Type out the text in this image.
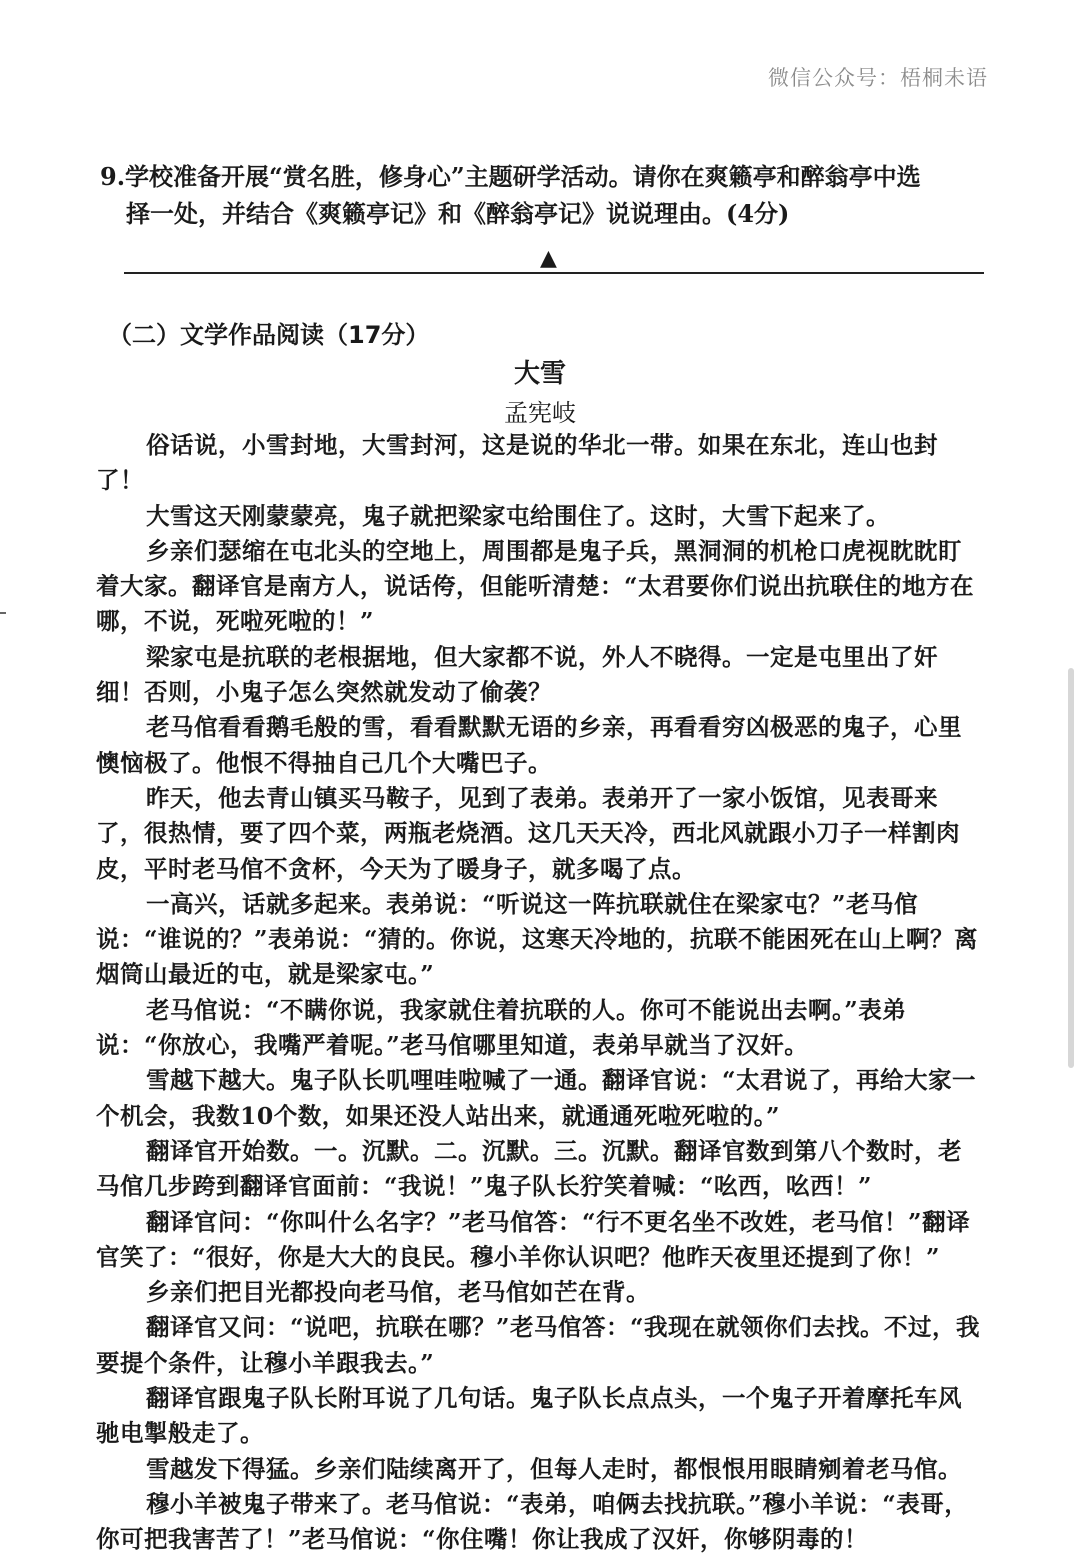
微信公众号：梧桐未语
9.学校准备开展“赏名胜，修身心”主题研学活动。请你在爽籁亭和醉翁亭中选
择一处，并结合《爽籁亭记》和《醉翁亭记》说说理由。(4分)
▲
（二）文学作品阅读（17分）
大雪
孟宪岐

俗话说，小雪封地，大雪封河，这是说的华北一带。如果在东北，连山也封了！

大雪这天刚蒙蒙亮，鬼子就把梁家屯给围住了。这时，大雪下起来了。

乡亲们瑟缩在屯北头的空地上，周围都是鬼子兵，黑洞洞的机枪口虎视眈眈盯着大家。翻译官是南方人，说话侉，但能听清楚：“太君要你们说出抗联住的地方在哪，不说，死啦死啦的！”

梁家屯是抗联的老根据地，但大家都不说，外人不晓得。一定是屯里出了奸细！否则，小鬼子怎么突然就发动了偷袭？

老马倌看看鹅毛般的雪，看看默默无语的乡亲，再看看穷凶极恶的鬼子，心里懊恼极了。他恨不得抽自己几个大嘴巴子。

昨天，他去青山镇买马鞍子，见到了表弟。表弟开了一家小饭馆，见表哥来了，很热情，要了四个菜，两瓶老烧酒。这几天天冷，西北风就跟小刀子一样割肉皮，平时老马倌不贪杯，今天为了暖身子，就多喝了点。

一高兴，话就多起来。表弟说：“听说这一阵抗联就住在梁家屯？”老马倌说：“谁说的？”表弟说：“猜的。你说，这寒天冷地的，抗联不能困死在山上啊？离烟筒山最近的屯，就是梁家屯。”

老马倌说：“不瞒你说，我家就住着抗联的人。你可不能说出去啊。”表弟说：“你放心，我嘴严着呢。”老马倌哪里知道，表弟早就当了汉奸。

雪越下越大。鬼子队长叽哩哇啦喊了一通。翻译官说：“太君说了，再给大家一个机会，我数10个数，如果还没人站出来，就通通死啦死啦的。”

翻译官开始数。一。沉默。二。沉默。三。沉默。翻译官数到第八个数时，老马倌几步跨到翻译官面前：“我说！”鬼子队长狞笑着喊：“吆西，吆西！”

翻译官问：“你叫什么名字？”老马倌答：“行不更名坐不改姓，老马倌！”翻译官笑了：“很好，你是大大的良民。穆小羊你认识吧？他昨天夜里还提到了你！”

乡亲们把目光都投向老马倌，老马倌如芒在背。

翻译官又问：“说吧，抗联在哪？”老马倌答：“我现在就领你们去找。不过，我要提个条件，让穆小羊跟我去。”

翻译官跟鬼子队长附耳说了几句话。鬼子队长点点头，一个鬼子开着摩托车风驰电掣般走了。

雪越发下得猛。乡亲们陆续离开了，但每人走时，都恨恨用眼睛剜着老马倌。

穆小羊被鬼子带来了。老马倌说：“表弟，咱俩去找抗联。”穆小羊说：“表哥，你可把我害苦了！”老马倌说：“你住嘴！你让我成了汉奸，你够阴毒的！
